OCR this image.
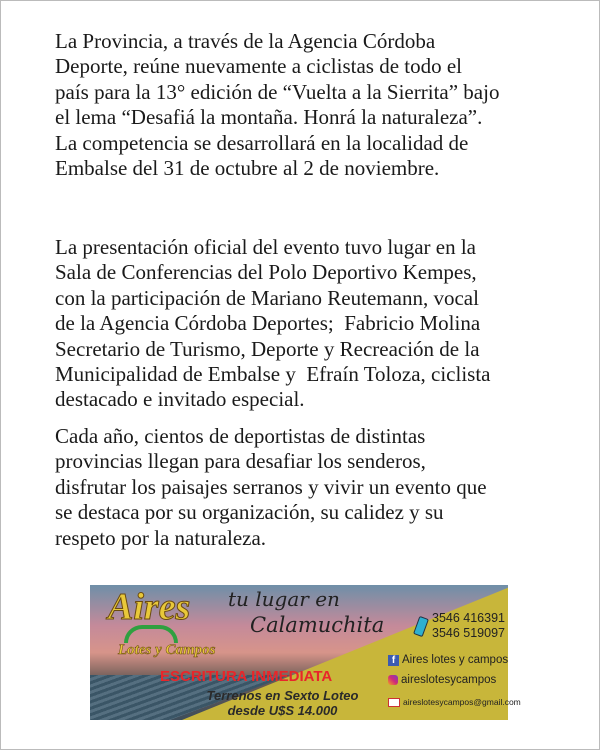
La Provincia, a través de la Agencia Córdoba
Deporte, reúne nuevamente a ciclistas de todo el
país para la 13° edición de “Vuelta a la Sierrita” bajo
el lema “Desafiá la montaña. Honrá la naturaleza”.
La competencia se desarrollará en la localidad de
Embalse del 31 de octubre al 2 de noviembre.
La presentación oficial del evento tuvo lugar en la
Sala de Conferencias del Polo Deportivo Kempes,
con la participación de Mariano Reutemann, vocal
de la Agencia Córdoba Deportes;  Fabricio Molina
Secretario de Turismo, Deporte y Recreación de la
Municipalidad de Embalse y  Efraín Toloza, ciclista
destacado e invitado especial.
Cada año, cientos de deportistas de distintas
provincias llegan para desafiar los senderos,
disfrutar los paisajes serranos y vivir un evento que
se destaca por su organización, su calidez y su
respeto por la naturaleza.
Aires
Lotes y Campos
tu lugar en
Calamuchita	3546 416391
3546 519097
ESCRITURA INMEDIATA
Terrenos en Sexto Loteo
desde U$S 14.000
f Aires lotes y campos
aireslotesycampos
aireslotesycampos@gmail.com
